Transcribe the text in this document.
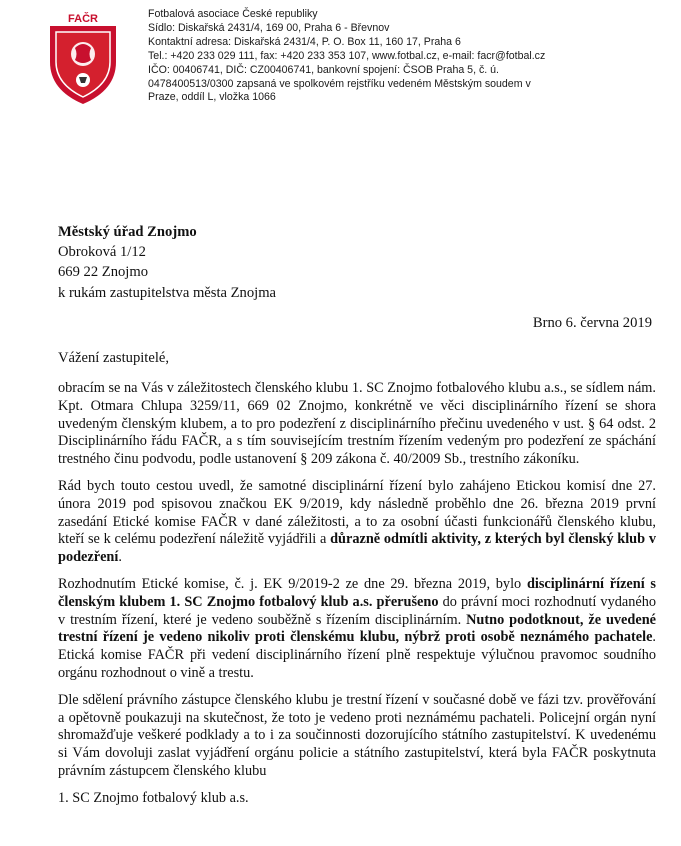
FAČR	Fotbalová asociace České republiky
Sídlo: Diskařská 2431/4, 169 00, Praha 6 - Břevnov
Kontaktní adresa: Diskařská 2431/4, P. O. Box 11, 160 17, Praha 6
Tel.: +420 233 029 111, fax: +420 233 353 107, www.fotbal.cz, e-mail: facr@fotbal.cz
IČO: 00406741, DIČ: CZ00406741, bankovní spojení: ČSOB Praha 5, č. ú.
0478400513/0300 zapsaná ve spolkovém rejstříku vedeném Městským soudem v
Praze, oddíl L, vložka 1066
Městský úřad Znojmo
Obroková 1/12
669 22 Znojmo
k rukám zastupitelstva města Znojma
Brno 6. června 2019
Vážení zastupitelé,

obracím se na Vás v záležitostech členského klubu 1. SC Znojmo fotbalového klubu a.s., se sídlem nám. Kpt. Otmara Chlupa 3259/11, 669 02 Znojmo, konkrétně ve věci disciplinárního řízení se shora uvedeným členským klubem, a to pro podezření z disciplinárního přečinu uvedeného v ust. § 64 odst. 2 Disciplinárního řádu FAČR, a s tím souvisejícím trestním řízením vedeným pro podezření ze spáchání trestného činu podvodu, podle ustanovení § 209 zákona č. 40/2009 Sb., trestního zákoníku.

Rád bych touto cestou uvedl, že samotné disciplinární řízení bylo zahájeno Etickou komisí dne 27. února 2019 pod spisovou značkou EK 9/2019, kdy následně proběhlo dne 26. března 2019 první zasedání Etické komise FAČR v dané záležitosti, a to za osobní účasti funkcionářů členského klubu, kteří se k celému podezření náležitě vyjádřili a důrazně odmítli aktivity, z kterých byl členský klub v podezření.

Rozhodnutím Etické komise, č. j. EK 9/2019-2 ze dne 29. března 2019, bylo disciplinární řízení s členským klubem 1. SC Znojmo fotbalový klub a.s. přerušeno do právní moci rozhodnutí vydaného v trestním řízení, které je vedeno souběžně s řízením disciplinárním. Nutno podotknout, že uvedené trestní řízení je vedeno nikoliv proti členskému klubu, nýbrž proti osobě neznámého pachatele. Etická komise FAČR při vedení disciplinárního řízení plně respektuje výlučnou pravomoc soudního orgánu rozhodnout o vině a trestu.

Dle sdělení právního zástupce členského klubu je trestní řízení v současné době ve fázi tzv. prověřování a opětovně poukazuji na skutečnost, že toto je vedeno proti neznámému pachateli. Policejní orgán nyní shromažďuje veškeré podklady a to i za součinnosti dozorujícího státního zastupitelství. K uvedenému si Vám dovoluji zaslat vyjádření orgánu policie a státního zastupitelství, která byla FAČR poskytnuta právním zástupcem členského klubu

1. SC Znojmo fotbalový klub a.s.
